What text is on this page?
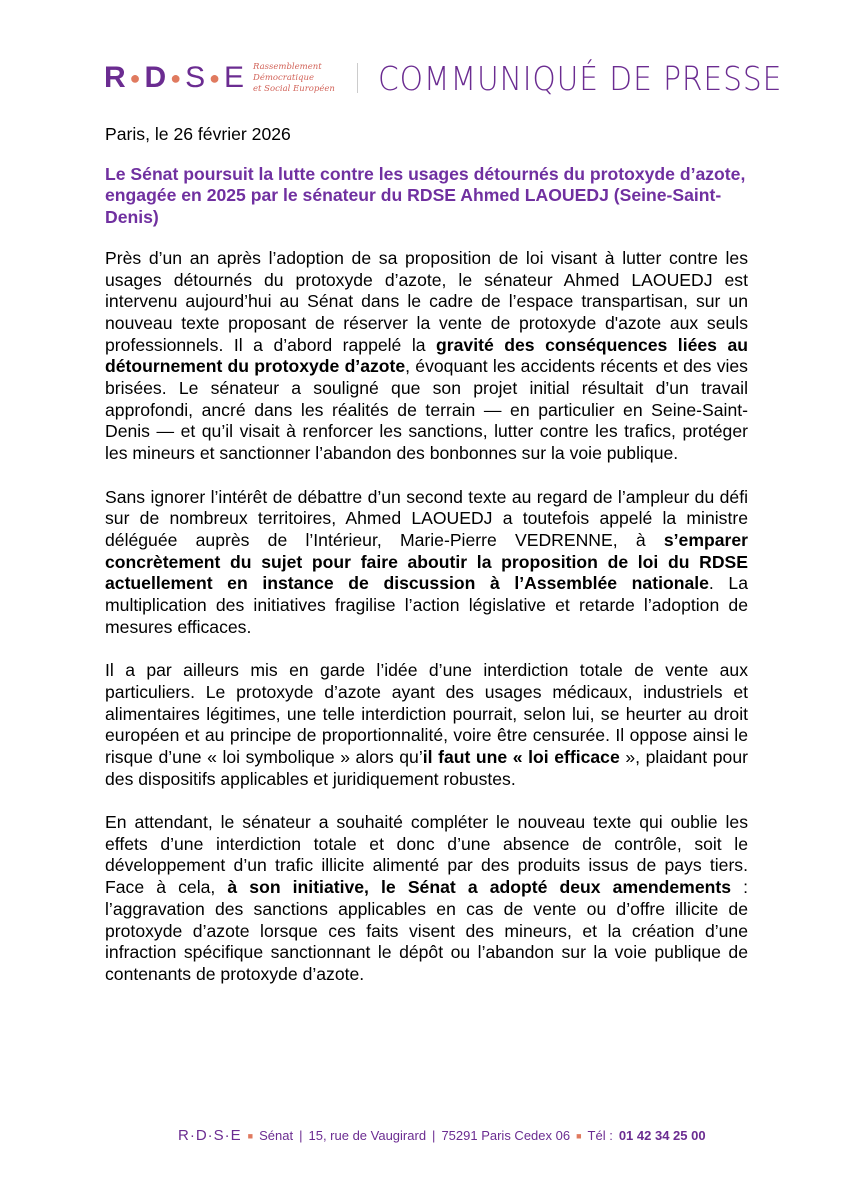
R ● D ● S ● E Rassemblement
Démocratique
et Social Européen COMMUNIQUÉ DE PRESSE

Paris, le 26 février 2026

Le Sénat poursuit la lutte contre les usages détournés du protoxyde d’azote, engagée en 2025 par le sénateur du RDSE Ahmed LAOUEDJ (Seine-Saint-Denis)

Près d’un an après l’adoption de sa proposition de loi visant à lutter contre les usages détournés du protoxyde d’azote, le sénateur Ahmed LAOUEDJ est intervenu aujourd’hui au Sénat dans le cadre de l’espace transpartisan, sur un nouveau texte proposant de réserver la vente de protoxyde d'azote aux seuls professionnels. Il a d’abord rappelé la gravité des conséquences liées au détournement du protoxyde d’azote, évoquant les accidents récents et des vies brisées. Le sénateur a souligné que son projet initial résultait d’un travail approfondi, ancré dans les réalités de terrain — en particulier en Seine-Saint-Denis — et qu’il visait à renforcer les sanctions, lutter contre les trafics, protéger les mineurs et sanctionner l’abandon des bonbonnes sur la voie publique.

Sans ignorer l’intérêt de débattre d’un second texte au regard de l’ampleur du défi sur de nombreux territoires, Ahmed LAOUEDJ a toutefois appelé la ministre déléguée auprès de l’Intérieur, Marie-Pierre VEDRENNE, à s’emparer concrètement du sujet pour faire aboutir la proposition de loi du RDSE actuellement en instance de discussion à l’Assemblée nationale. La multiplication des initiatives fragilise l’action législative et retarde l’adoption de mesures efficaces.

Il a par ailleurs mis en garde l’idée d’une interdiction totale de vente aux particuliers. Le protoxyde d’azote ayant des usages médicaux, industriels et alimentaires légitimes, une telle interdiction pourrait, selon lui, se heurter au droit européen et au principe de proportionnalité, voire être censurée. Il oppose ainsi le risque d’une « loi symbolique » alors qu’il faut une « loi efficace », plaidant pour des dispositifs applicables et juridiquement robustes.

En attendant, le sénateur a souhaité compléter le nouveau texte qui oublie les effets d’une interdiction totale et donc d’une absence de contrôle, soit le développement d’un trafic illicite alimenté par des produits issus de pays tiers. Face à cela, à son initiative, le Sénat a adopté deux amendements : l’aggravation des sanctions applicables en cas de vente ou d’offre illicite de protoxyde d’azote lorsque ces faits visent des mineurs, et la création d’une infraction spécifique sanctionnant le dépôt ou l’abandon sur la voie publique de contenants de protoxyde d’azote.

R·D·S·E ■ Sénat | 15, rue de Vaugirard | 75291 Paris Cedex 06 ■ Tél : 01 42 34 25 00
